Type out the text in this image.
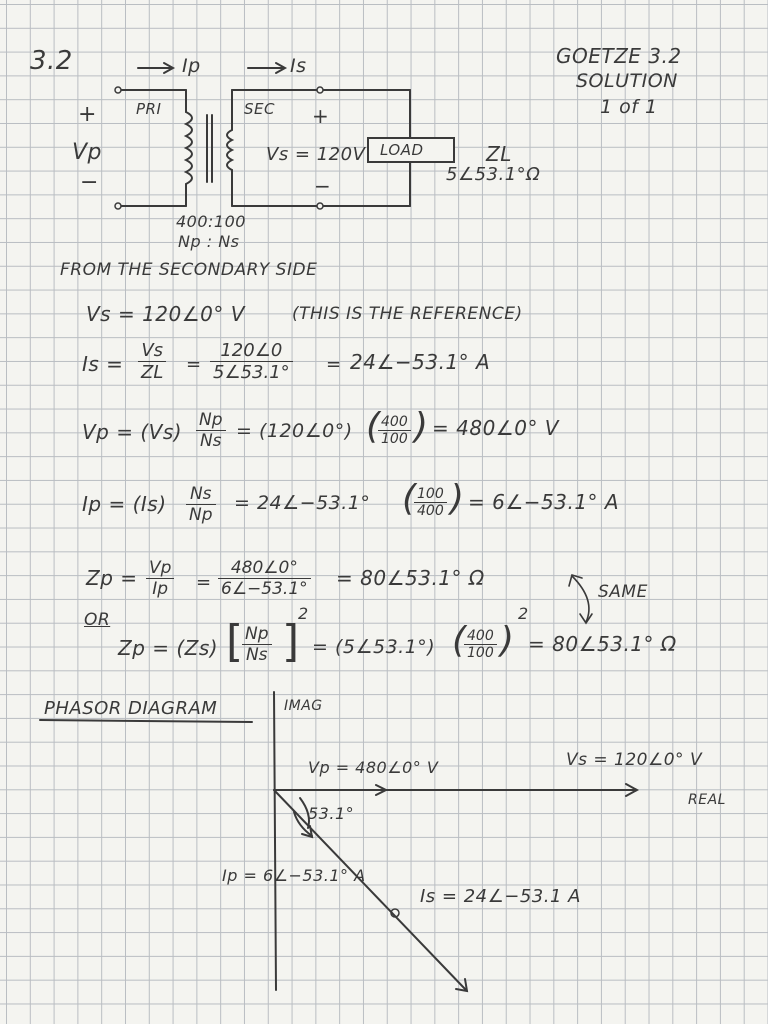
3.2	GOETZE 3.2
SOLUTION
1 of 1
Ip	Is
+
Vp
−
PRI	SEC +
−
Vs = 120V LOAD	ZL
5∠53.1°Ω
400:100
Np : Ns
FROM THE SECONDARY SIDE
Vs = 120∠0° V	(THIS IS THE REFERENCE)
Is =
Vs
ZL =
120∠0
5∠53.1° = 24∠−53.1° A
Vp = (Vs) Np
Ns = (120∠0°) ( 400
100 ) = 480∠0° V
Ip = (Is) Ns
Np
= 24∠−53.1° ( 100
400 ) = 6∠−53.1° A
Zp = Vp
Ip =
480∠0°
6∠−53.1° = 80∠53.1° Ω
SAME
OR
Zp = (Zs) [ Np
Ns ]
2
= (5∠53.1°) ( 400
100 )
2
= 80∠53.1° Ω
PHASOR DIAGRAM	IMAG
REAL
Vp = 480∠0° V	Vs = 120∠0° V
53.1°
Ip = 6∠−53.1° A
Is = 24∠−53.1 A
